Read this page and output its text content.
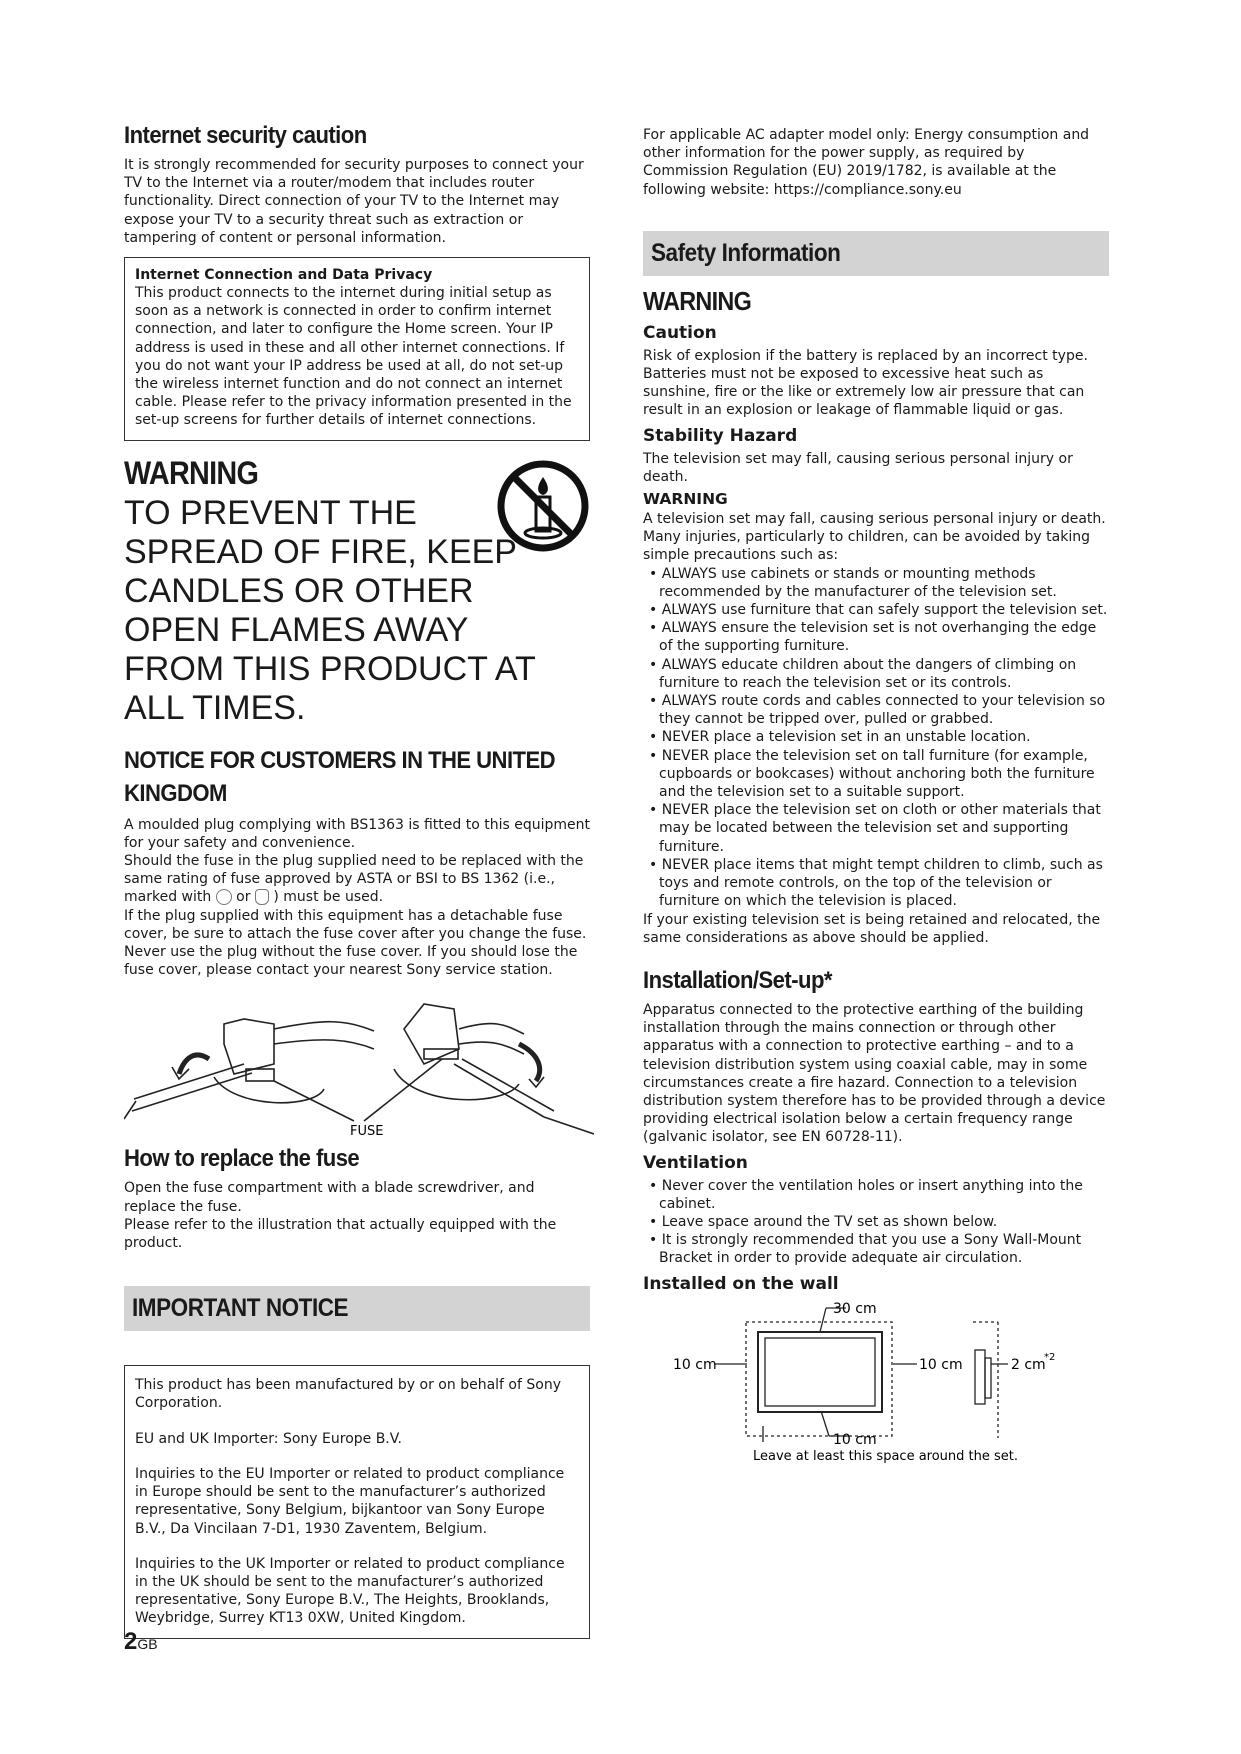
Internet security caution

It is strongly recommended for security purposes to connect your TV to the Internet via a router/modem that includes router functionality. Direct connection of your TV to the Internet may expose your TV to a security threat such as extraction or tampering of content or personal information.

Internet Connection and Data Privacy

This product connects to the internet during initial setup as soon as a network is connected in order to confirm internet connection, and later to configure the Home screen. Your IP address is used in these and all other internet connections. If you do not want your IP address be used at all, do not set-up the wireless internet function and do not connect an internet cable. Please refer to the privacy information presented in the set-up screens for further details of internet connections.

WARNING
TO PREVENT THE SPREAD OF FIRE, KEEP CANDLES OR OTHER OPEN FLAMES AWAY FROM THIS PRODUCT AT ALL TIMES.
NOTICE FOR CUSTOMERS IN THE UNITED KINGDOM

A moulded plug complying with BS1363 is fitted to this equipment for your safety and convenience.

Should the fuse in the plug supplied need to be replaced with the same rating of fuse approved by ASTA or BSI to BS 1362 (i.e., marked with or ) must be used.

If the plug supplied with this equipment has a detachable fuse cover, be sure to attach the fuse cover after you change the fuse. Never use the plug without the fuse cover. If you should lose the fuse cover, please contact your nearest Sony service station.

FUSE
How to replace the fuse

Open the fuse compartment with a blade screwdriver, and replace the fuse.

Please refer to the illustration that actually equipped with the product.

IMPORTANT NOTICE

This product has been manufactured by or on behalf of Sony Corporation.

EU and UK Importer: Sony Europe B.V.

Inquiries to the EU Importer or related to product compliance in Europe should be sent to the manufacturer’s authorized representative, Sony Belgium, bijkantoor van Sony Europe B.V., Da Vincilaan 7-D1, 1930 Zaventem, Belgium.

Inquiries to the UK Importer or related to product compliance in the UK should be sent to the manufacturer’s authorized representative, Sony Europe B.V., The Heights, Brooklands, Weybridge, Surrey KT13 0XW, United Kingdom.

For applicable AC adapter model only: Energy consumption and other information for the power supply, as required by Commission Regulation (EU) 2019/1782, is available at the following website: https://compliance.sony.eu

Safety Information
WARNING
Caution

Risk of explosion if the battery is replaced by an incorrect type. Batteries must not be exposed to excessive heat such as sunshine, fire or the like or extremely low air pressure that can result in an explosion or leakage of flammable liquid or gas.

Stability Hazard

The television set may fall, causing serious personal injury or death.

WARNING

A television set may fall, causing serious personal injury or death. Many injuries, particularly to children, can be avoided by taking simple precautions such as:

• ALWAYS use cabinets or stands or mounting methods recommended by the manufacturer of the television set.
• ALWAYS use furniture that can safely support the television set.
• ALWAYS ensure the television set is not overhanging the edge of the supporting furniture.
• ALWAYS educate children about the dangers of climbing on furniture to reach the television set or its controls.
• ALWAYS route cords and cables connected to your television so they cannot be tripped over, pulled or grabbed.
• NEVER place a television set in an unstable location.
• NEVER place the television set on tall furniture (for example, cupboards or bookcases) without anchoring both the furniture and the television set to a suitable support.
• NEVER place the television set on cloth or other materials that may be located between the television set and supporting furniture.
• NEVER place items that might tempt children to climb, such as toys and remote controls, on the top of the television or furniture on which the television is placed.

If your existing television set is being retained and relocated, the same considerations as above should be applied.

Installation/Set-up*

Apparatus connected to the protective earthing of the building installation through the mains connection or through other apparatus with a connection to protective earthing – and to a television distribution system using coaxial cable, may in some circumstances create a fire hazard. Connection to a television distribution system therefore has to be provided through a device providing electrical isolation below a certain frequency range (galvanic isolator, see EN 60728-11).

Ventilation
• Never cover the ventilation holes or insert anything into the cabinet.
• Leave space around the TV set as shown below.
• It is strongly recommended that you use a Sony Wall-Mount Bracket in order to provide adequate air circulation.
Installed on the wall
30 cm
10 cm	10 cm
10 cm
2 cm
*2
Leave at least this space around the set.
2GB
